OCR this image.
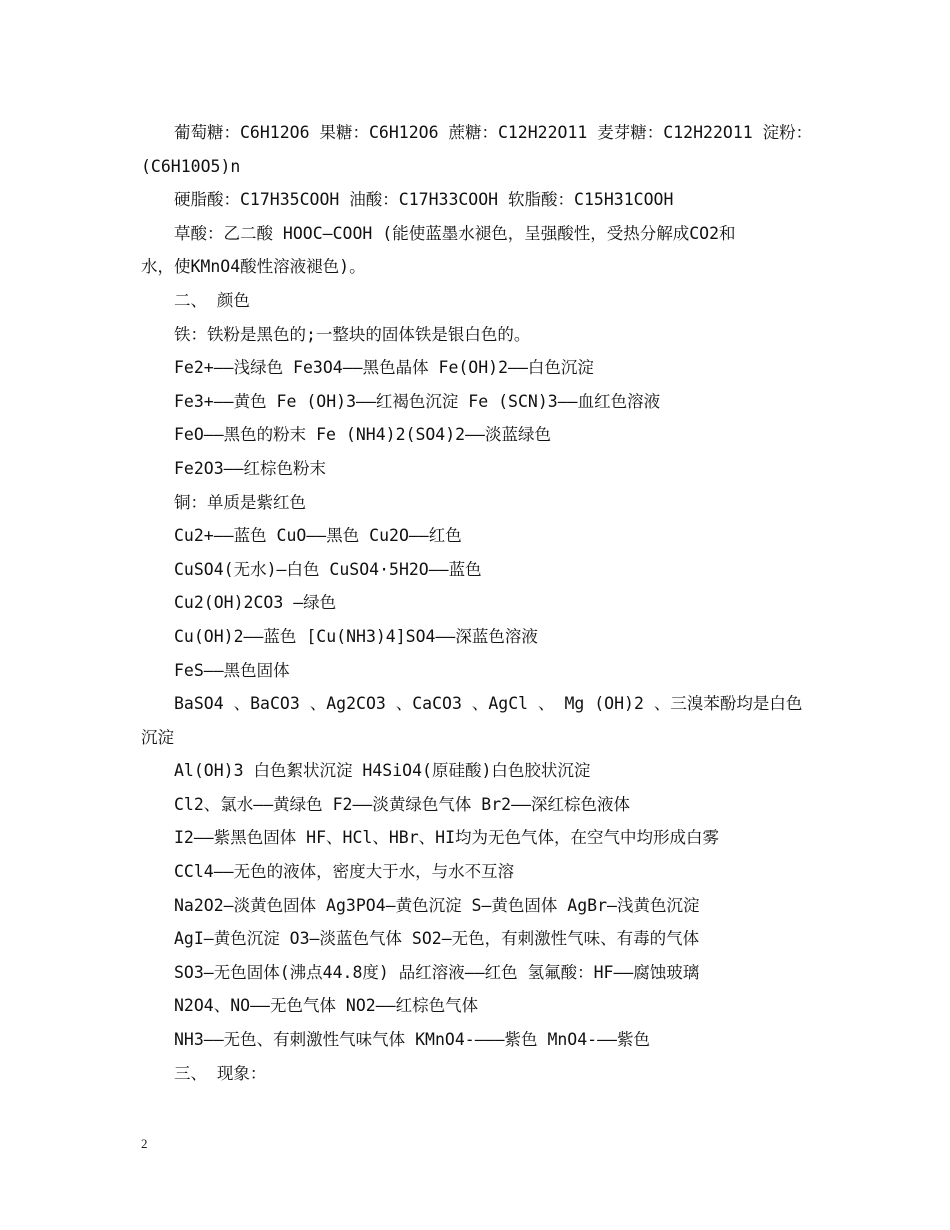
葡萄糖：C6H12O6 果糖：C6H12O6 蔗糖：C12H22O11 麦芽糖：C12H22O11 淀粉：
(C6H10O5)n
硬脂酸：C17H35COOH 油酸：C17H33COOH 软脂酸：C15H31COOH
草酸：乙二酸 HOOC—COOH (能使蓝墨水褪色，呈强酸性，受热分解成CO2和
水，使KMnO4酸性溶液褪色)。
二、 颜色
铁：铁粉是黑色的;一整块的固体铁是银白色的。
Fe2+——浅绿色 Fe3O4——黑色晶体 Fe(OH)2——白色沉淀
Fe3+——黄色 Fe (OH)3——红褐色沉淀 Fe (SCN)3——血红色溶液
FeO——黑色的粉末 Fe (NH4)2(SO4)2——淡蓝绿色
Fe2O3——红棕色粉末
铜：单质是紫红色
Cu2+——蓝色 CuO——黑色 Cu2O——红色
CuSO4(无水)—白色 CuSO4·5H2O——蓝色
Cu2(OH)2CO3 —绿色
Cu(OH)2——蓝色 [Cu(NH3)4]SO4——深蓝色溶液
FeS——黑色固体
BaSO4 、BaCO3 、Ag2CO3 、CaCO3 、AgCl 、 Mg (OH)2 、三溴苯酚均是白色
沉淀
Al(OH)3 白色絮状沉淀 H4SiO4(原硅酸)白色胶状沉淀
Cl2、氯水——黄绿色 F2——淡黄绿色气体 Br2——深红棕色液体
I2——紫黑色固体 HF、HCl、HBr、HI均为无色气体，在空气中均形成白雾
CCl4——无色的液体，密度大于水，与水不互溶
Na2O2—淡黄色固体 Ag3PO4—黄色沉淀 S—黄色固体 AgBr—浅黄色沉淀
AgI—黄色沉淀 O3—淡蓝色气体 SO2—无色，有刺激性气味、有毒的气体
SO3—无色固体(沸点44.8度) 品红溶液——红色 氢氟酸：HF——腐蚀玻璃
N2O4、NO——无色气体 NO2——红棕色气体
NH3——无色、有刺激性气味气体 KMnO4-———紫色 MnO4-——紫色
三、 现象：
2
